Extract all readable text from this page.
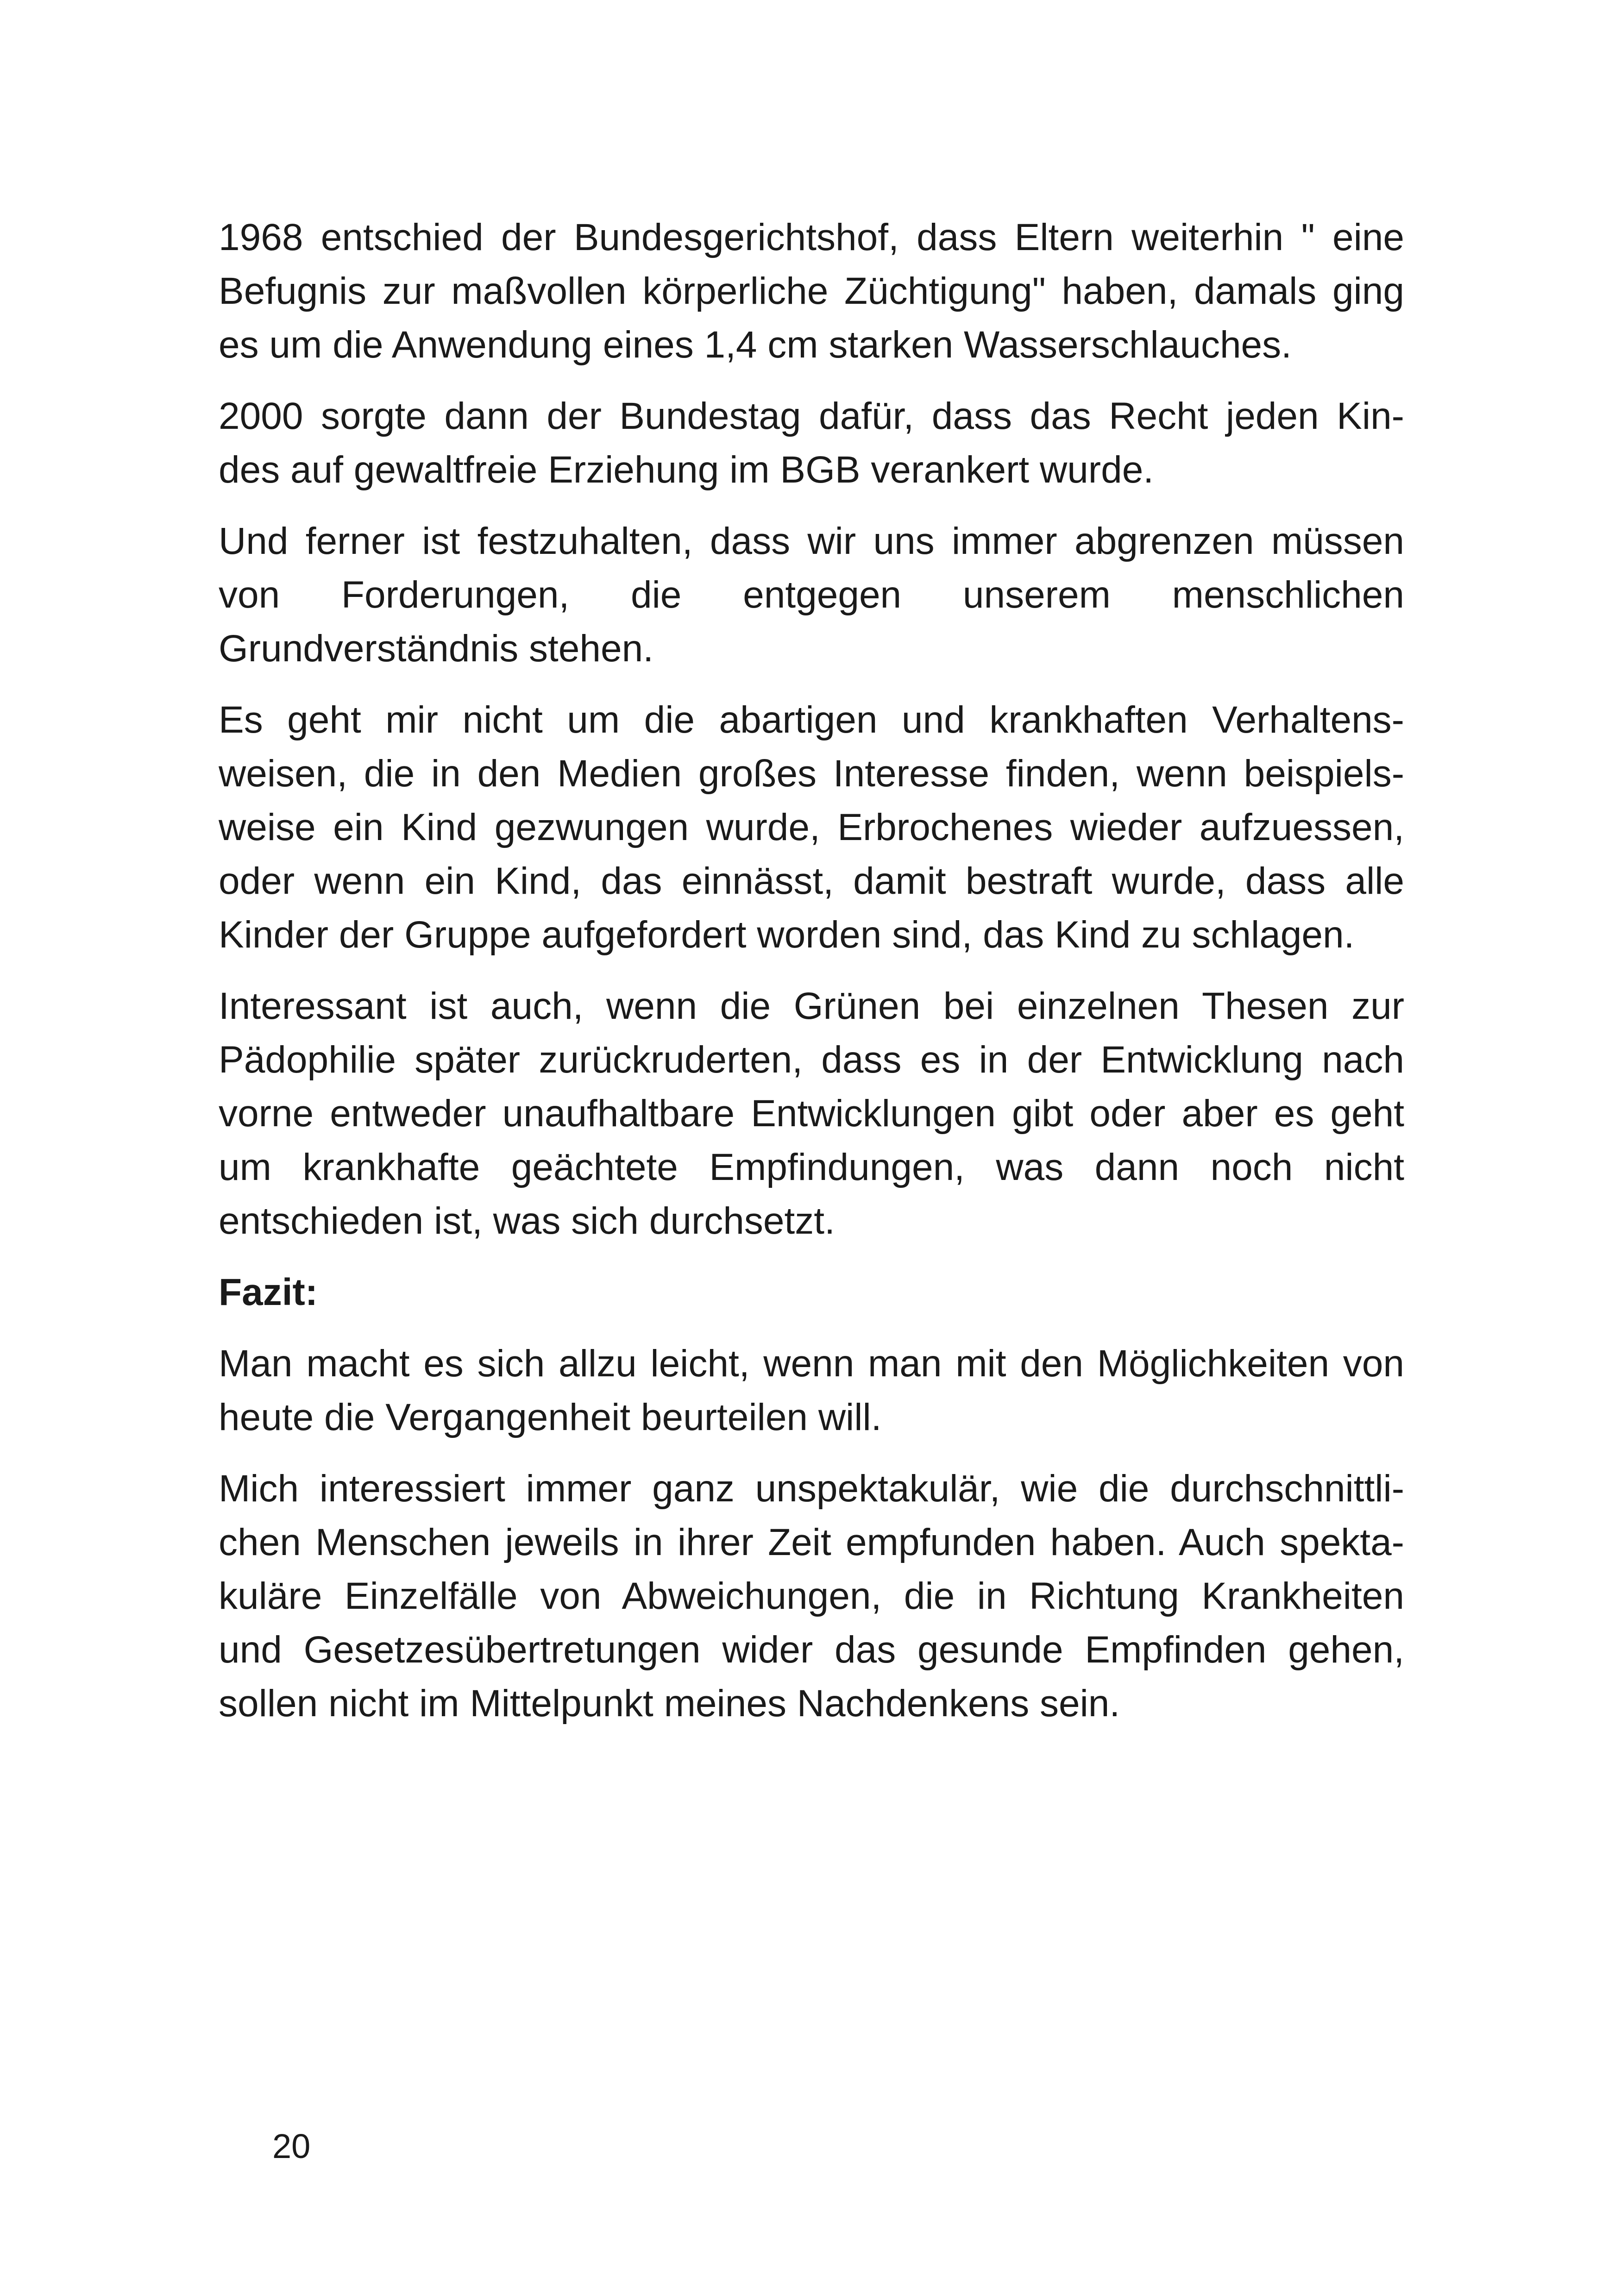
1968 entschied der Bundesgerichtshof, dass Eltern weiterhin " eine
Befugnis zur maßvollen körperliche Züchtigung" haben, damals ging
es um die Anwendung eines 1,4 cm starken Wasserschlauches.

2000 sorgte dann der Bundestag dafür, dass das Recht jeden Kin-
des auf gewaltfreie Erziehung im BGB verankert wurde.

Und ferner ist festzuhalten, dass wir uns immer abgrenzen müssen
von Forderungen, die entgegen unserem menschlichen
Grundverständnis stehen.

Es geht mir nicht um die abartigen und krankhaften Verhaltens-
weisen, die in den Medien großes Interesse finden, wenn beispiels-
weise ein Kind gezwungen wurde, Erbrochenes wieder aufzuessen,
oder wenn ein Kind, das einnässt, damit bestraft wurde, dass alle
Kinder der Gruppe aufgefordert worden sind, das Kind zu schlagen.

Interessant ist auch, wenn die Grünen bei einzelnen Thesen zur
Pädophilie später zurückruderten, dass es in der Entwicklung nach
vorne entweder unaufhaltbare Entwicklungen gibt oder aber es geht
um krankhafte geächtete Empfindungen, was dann noch nicht
entschieden ist, was sich durchsetzt.

Fazit:

Man macht es sich allzu leicht, wenn man mit den Möglichkeiten von
heute die Vergangenheit beurteilen will.

Mich interessiert immer ganz unspektakulär, wie die durchschnittli-
chen Menschen jeweils in ihrer Zeit empfunden haben. Auch spekta-
kuläre Einzelfälle von Abweichungen, die in Richtung Krankheiten
und Gesetzesübertretungen wider das gesunde Empfinden gehen,
sollen nicht im Mittelpunkt meines Nachdenkens sein.

20
